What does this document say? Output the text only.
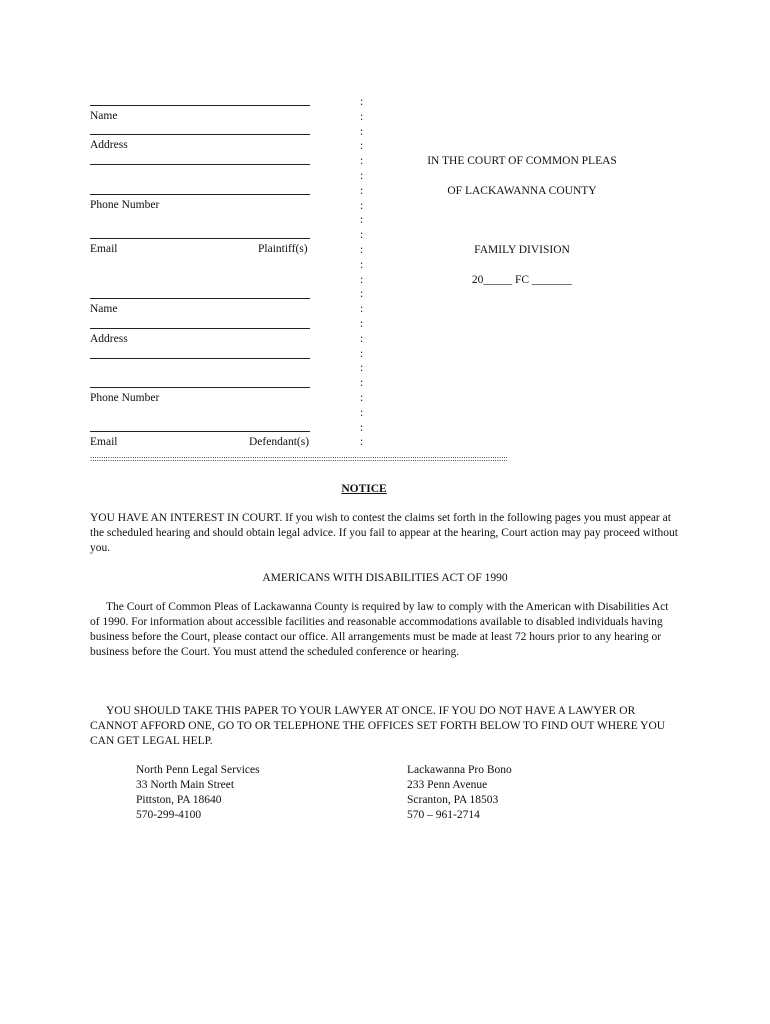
Name
Address
Phone Number
Email	Plaintiff(s)
Name
Address
Phone Number
Email	Defendant(s)
:
:
:
:
:
:
:
:
:
:
:
:
:
:
:
:
:
:
:
:
:
:
:
:
IN THE COURT OF COMMON PLEAS
OF LACKAWANNA COUNTY
FAMILY DIVISION
20_____ FC _______
::::::::::::::::::::::::::::::::::::::::::::::::::::::::::::::::::::::::::::::::::::::::::::::::::::::::::::::::::::::::::::::::::::::::::::::::::::::::::::::::::::::::::::::::::::::::::::
NOTICE
YOU HAVE AN INTEREST IN COURT. If you wish to contest the claims set forth in the following pages you must appear at the scheduled hearing and should obtain legal advice. If you fail to appear at the hearing, Court action may pay proceed without you.
AMERICANS WITH DISABILITIES ACT OF 1990
The Court of Common Pleas of Lackawanna County is required by law to comply with the American with Disabilities Act of 1990. For information about accessible facilities and reasonable accommodations available to disabled individuals having business before the Court, please contact our office. All arrangements must be made at least 72 hours prior to any hearing or business before the Court. You must attend the scheduled conference or hearing.
YOU SHOULD TAKE THIS PAPER TO YOUR LAWYER AT ONCE. IF YOU DO NOT HAVE A LAWYER OR CANNOT AFFORD ONE, GO TO OR TELEPHONE THE OFFICES SET FORTH BELOW TO FIND OUT WHERE YOU CAN GET LEGAL HELP.
North Penn Legal Services
33 North Main Street
Pittston, PA 18640
570-299-4100
Lackawanna Pro Bono
233 Penn Avenue
Scranton, PA 18503
570 – 961-2714
